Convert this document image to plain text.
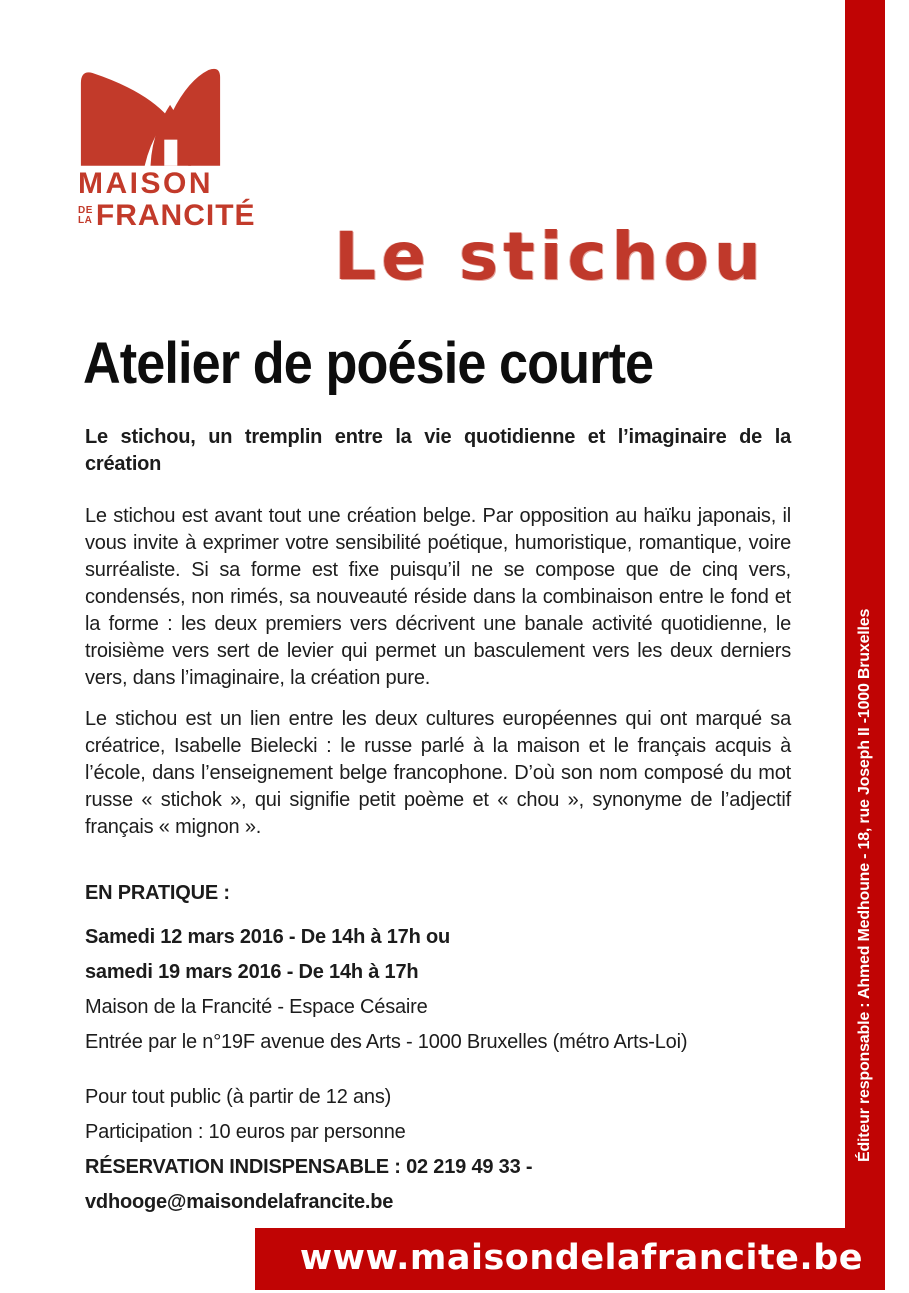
MAISON
DE
LA FRANCITÉ
Le stichou
Atelier de poésie courte

Le stichou, un tremplin entre la vie quotidienne et l’imaginaire de la création

Le stichou est avant tout une création belge. Par opposition au haïku japonais, il vous invite à exprimer votre sensibilité poétique, humoristique, romantique, voire surréaliste. Si sa forme est fixe puisqu’il ne se compose que de cinq vers, condensés, non rimés, sa nouveauté réside dans la combinaison entre le fond et la forme : les deux premiers vers décrivent une banale activité quotidienne, le troisième vers sert de levier qui permet un basculement vers les deux derniers vers, dans l’imaginaire, la création pure.

Le stichou est un lien entre les deux cultures européennes qui ont marqué sa créatrice, Isabelle Bielecki : le russe parlé à la maison et le français acquis à l’école, dans l’enseignement belge francophone. D’où son nom composé du mot russe « stichok », qui signifie petit poème et « chou », synonyme de l’adjectif français « mignon ».

EN PRATIQUE :
Samedi 12 mars 2016 - De 14h à 17h ou
samedi 19 mars 2016 - De 14h à 17h
Maison de la Francité - Espace Césaire
Entrée par le n°19F avenue des Arts - 1000 Bruxelles (métro Arts-Loi)
Pour tout public (à partir de 12 ans)
Participation : 10 euros par personne
RÉSERVATION INDISPENSABLE : 02 219 49 33 - vdhooge@maisondelafrancite.be
Éditeur responsable : Ahmed Medhoune - 18, rue Joseph II -1000 Bruxelles
www.maisondelafrancite.be
